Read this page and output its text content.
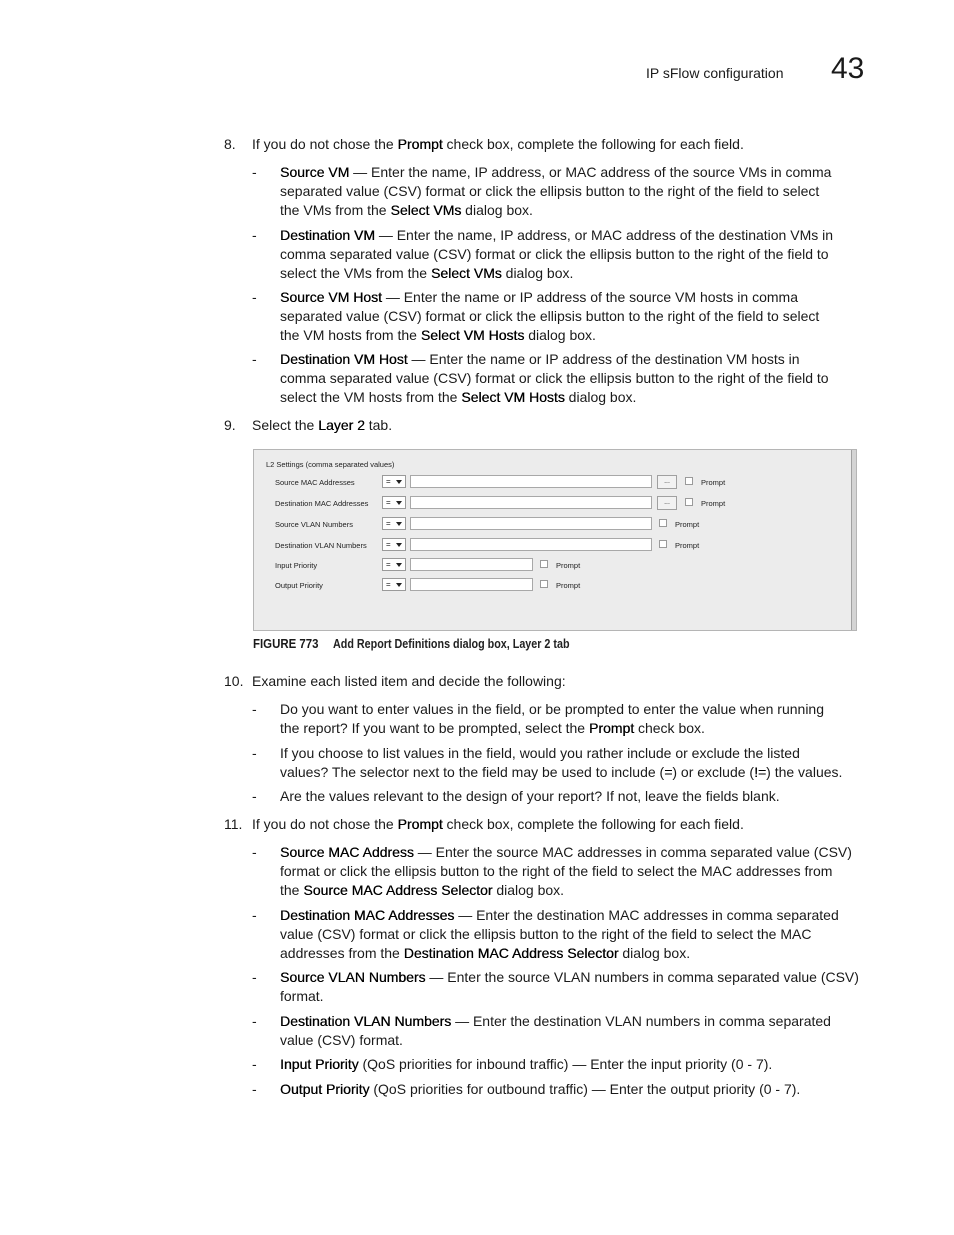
IP sFlow configuration 43
8. If you do not chose the Prompt check box, complete the following for each field.
- Source VM — Enter the name, IP address, or MAC address of the source VMs in comma
separated value (CSV) format or click the ellipsis button to the right of the field to select
the VMs from the Select VMs dialog box.
- Destination VM — Enter the name, IP address, or MAC address of the destination VMs in
comma separated value (CSV) format or click the ellipsis button to the right of the field to
select the VMs from the Select VMs dialog box.
- Source VM Host — Enter the name or IP address of the source VM hosts in comma
separated value (CSV) format or click the ellipsis button to the right of the field to select
the VM hosts from the Select VM Hosts dialog box.
- Destination VM Host — Enter the name or IP address of the destination VM hosts in
comma separated value (CSV) format or click the ellipsis button to the right of the field to
select the VM hosts from the Select VM Hosts dialog box.
9. Select the Layer 2 tab.
L2 Settings (comma separated values)
Source MAC Addresses	=	...	Prompt
Destination MAC Addresses	=	...	Prompt
Source VLAN Numbers	=	Prompt
Destination VLAN Numbers	=	Prompt
Input Priority	=	Prompt
Output Priority	=	Prompt
FIGURE 773 Add Report Definitions dialog box, Layer 2 tab
10. Examine each listed item and decide the following:
- Do you want to enter values in the field, or be prompted to enter the value when running
the report? If you want to be prompted, select the Prompt check box.
- If you choose to list values in the field, would you rather include or exclude the listed
values? The selector next to the field may be used to include (=) or exclude (!=) the values.
- Are the values relevant to the design of your report? If not, leave the fields blank.
11. If you do not chose the Prompt check box, complete the following for each field.
- Source MAC Address — Enter the source MAC addresses in comma separated value (CSV)
format or click the ellipsis button to the right of the field to select the MAC addresses from
the Source MAC Address Selector dialog box.
- Destination MAC Addresses — Enter the destination MAC addresses in comma separated
value (CSV) format or click the ellipsis button to the right of the field to select the MAC
addresses from the Destination MAC Address Selector dialog box.
- Source VLAN Numbers — Enter the source VLAN numbers in comma separated value (CSV)
format.
- Destination VLAN Numbers — Enter the destination VLAN numbers in comma separated
value (CSV) format.
- Input Priority (QoS priorities for inbound traffic) — Enter the input priority (0 - 7).
- Output Priority (QoS priorities for outbound traffic) — Enter the output priority (0 - 7).
